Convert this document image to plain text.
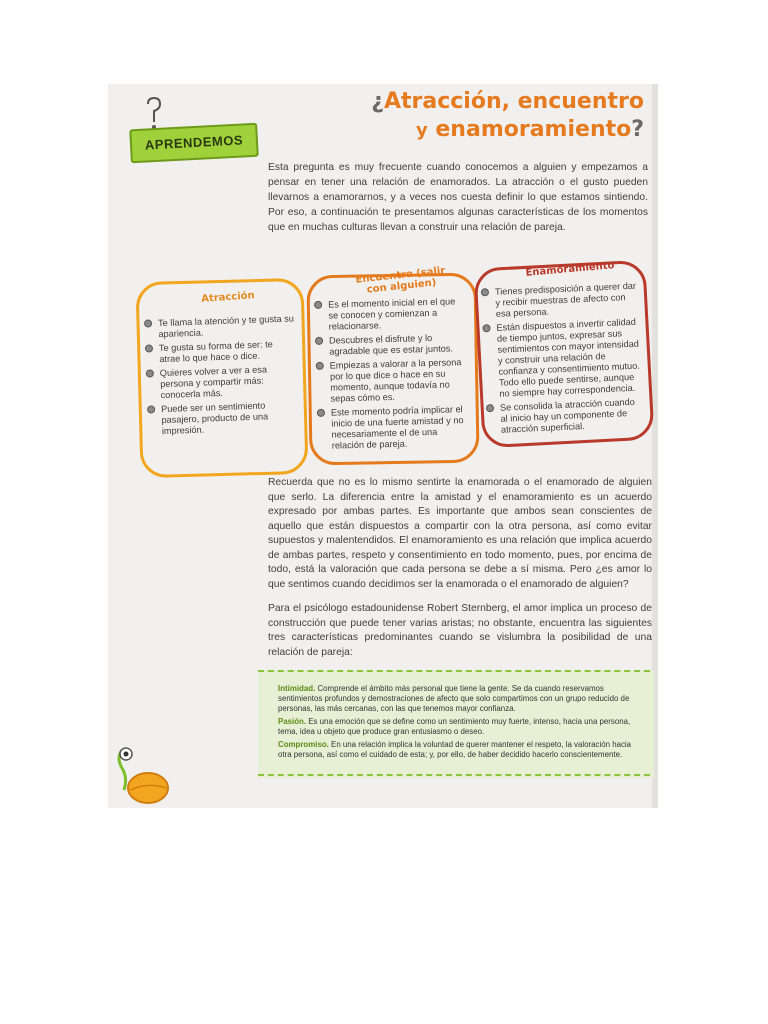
APRENDEMOS
¿Atracción, encuentro
y enamoramiento?

Esta pregunta es muy frecuente cuando conocemos a alguien y empezamos a pensar en tener una relación de enamorados. La atracción o el gusto pueden llevarnos a enamorarnos, y a veces nos cuesta definir lo que estamos sintiendo. Por eso, a continuación te presentamos algunas características de los momentos que en muchas culturas llevan a construir una relación de pareja.

Atracción
Encuentro (salir con alguien)
Enamoramiento
Te llama la atención y te gusta su apariencia.
Te gusta su forma de ser: te atrae lo que hace o dice.
Quieres volver a ver a esa persona y compartir más: conocerla más.
Puede ser un sentimiento pasajero, producto de una impresión.
Es el momento inicial en el que se conocen y comienzan a relacionarse.
Descubres el disfrute y lo agradable que es estar juntos.
Empiezas a valorar a la persona por lo que dice o hace en su momento, aunque todavía no sepas cómo es.
Este momento podría implicar el inicio de una fuerte amistad y no necesariamente el de una relación de pareja.
Tienes predisposición a querer dar y recibir muestras de afecto con esa persona.
Están dispuestos a invertir calidad de tiempo juntos, expresar sus sentimientos con mayor intensidad y construir una relación de confianza y consentimiento mutuo. Todo ello puede sentirse, aunque no siempre hay correspondencia.
Se consolida la atracción cuando al inicio hay un componente de atracción superficial.

Recuerda que no es lo mismo sentirte la enamorada o el enamorado de alguien que serlo. La diferencia entre la amistad y el enamoramiento es un acuerdo expresado por ambas partes. Es importante que ambos sean conscientes de aquello que están dispuestos a compartir con la otra persona, así como evitar supuestos y malentendidos. El enamoramiento es una relación que implica acuerdo de ambas partes, respeto y consentimiento en todo momento, pues, por encima de todo, está la valoración que cada persona se debe a sí misma. Pero ¿es amor lo que sentimos cuando decidimos ser la enamorada o el enamorado de alguien?

Para el psicólogo estadounidense Robert Sternberg, el amor implica un proceso de construcción que puede tener varias aristas; no obstante, encuentra las siguientes tres características predominantes cuando se vislumbra la posibilidad de una relación de pareja:

Intimidad. Comprende el ámbito más personal que tiene la gente. Se da cuando reservamos sentimientos profundos y demostraciones de afecto que solo compartimos con un grupo reducido de personas, las más cercanas, con las que tenemos mayor confianza.
Pasión. Es una emoción que se define como un sentimiento muy fuerte, intenso, hacia una persona, tema, idea u objeto que produce gran entusiasmo o deseo.
Compromiso. En una relación implica la voluntad de querer mantener el respeto, la valoración hacia otra persona, así como el cuidado de esta; y, por ello, de haber decidido hacerlo conscientemente.
